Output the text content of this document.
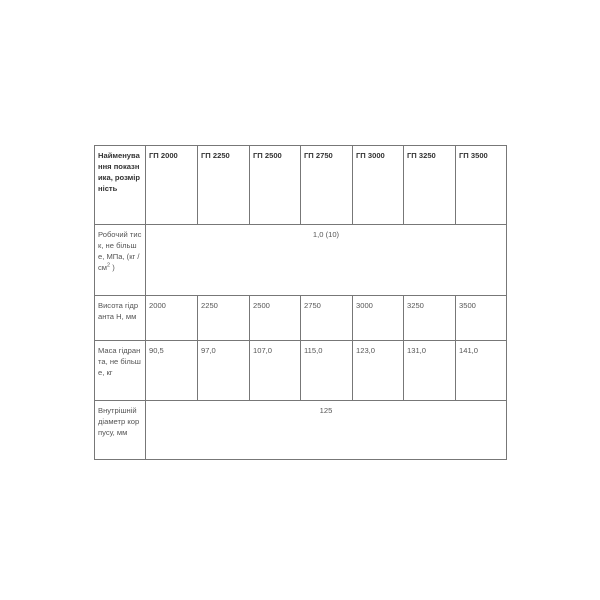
Найменування показника, розмірність	ГП 2000	ГП 2250	ГП 2500	ГП 2750	ГП 3000	ГП 3250	ГП 3500
Робочий тиск, не більше, МПа, ($кг / см^2$ )	1,0 (10)						
Висота гідранта Н, мм	2000	2250	2500	2750	3000	3250	3500
Маса гідранта, не більше, кг	90,5	97,0	107,0	115,0	123,0	131,0	141,0
Внутрішній діаметр корпусу, мм	125						
